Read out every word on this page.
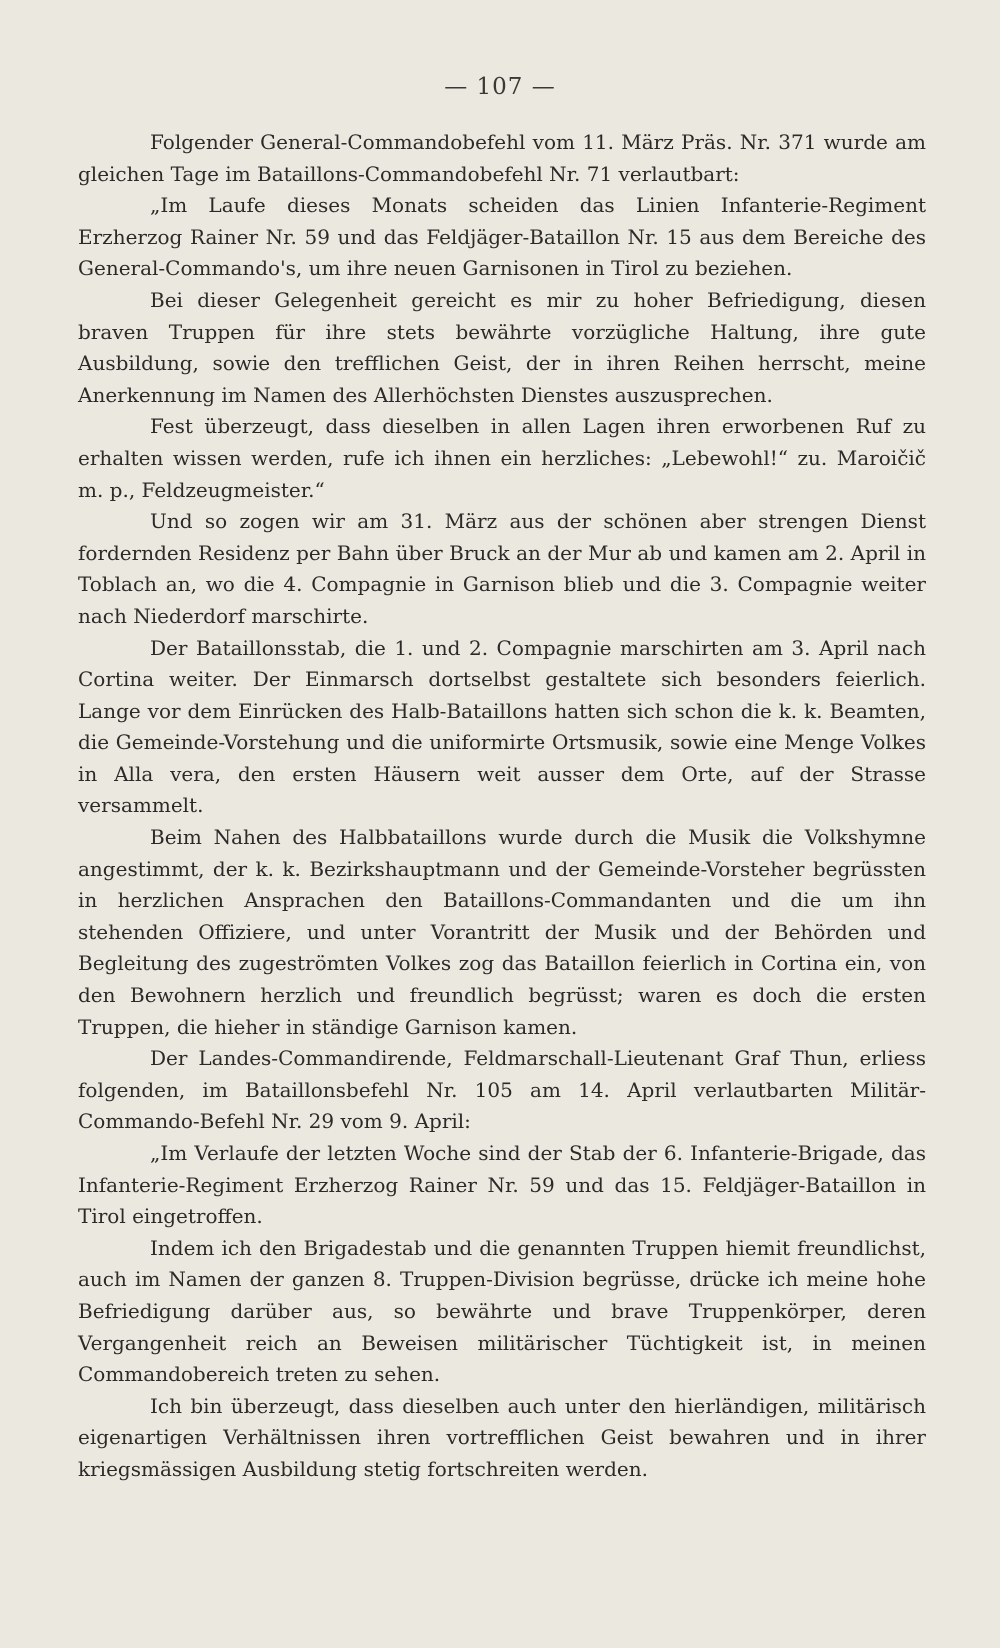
— 107 —

Folgender General-Commandobefehl vom 11. März Präs. Nr. 371 wurde am gleichen Tage im Bataillons-Commandobefehl Nr. 71 verlautbart:

„Im Laufe dieses Monats scheiden das Linien Infanterie-Regiment Erzherzog Rainer Nr. 59 und das Feldjäger-Bataillon Nr. 15 aus dem Bereiche des General-Commando's, um ihre neuen Garnisonen in Tirol zu beziehen.

Bei dieser Gelegenheit gereicht es mir zu hoher Befriedigung, diesen braven Truppen für ihre stets bewährte vorzügliche Haltung, ihre gute Ausbildung, sowie den trefflichen Geist, der in ihren Reihen herrscht, meine Anerkennung im Namen des Allerhöchsten Dienstes auszusprechen.

Fest überzeugt, dass dieselben in allen Lagen ihren erworbenen Ruf zu erhalten wissen werden, rufe ich ihnen ein herzliches: „Lebewohl!“ zu. Maroičič m. p., Feldzeugmeister.“

Und so zogen wir am 31. März aus der schönen aber strengen Dienst fordernden Residenz per Bahn über Bruck an der Mur ab und kamen am 2. April in Toblach an, wo die 4. Compagnie in Garnison blieb und die 3. Compagnie weiter nach Niederdorf marschirte.

Der Bataillonsstab, die 1. und 2. Compagnie marschirten am 3. April nach Cortina weiter. Der Einmarsch dortselbst gestaltete sich besonders feierlich. Lange vor dem Einrücken des Halb-Bataillons hatten sich schon die k. k. Beamten, die Gemeinde-Vorstehung und die uniformirte Ortsmusik, sowie eine Menge Volkes in Alla vera, den ersten Häusern weit ausser dem Orte, auf der Strasse versammelt.

Beim Nahen des Halbbataillons wurde durch die Musik die Volkshymne angestimmt, der k. k. Bezirkshauptmann und der Gemeinde-Vorsteher begrüssten in herzlichen Ansprachen den Bataillons-Commandanten und die um ihn stehenden Offiziere, und unter Vorantritt der Musik und der Behörden und Begleitung des zugeströmten Volkes zog das Bataillon feierlich in Cortina ein, von den Bewohnern herzlich und freundlich begrüsst; waren es doch die ersten Truppen, die hieher in ständige Garnison kamen.

Der Landes-Commandirende, Feldmarschall-Lieutenant Graf Thun, erliess folgenden, im Bataillonsbefehl Nr. 105 am 14. April verlautbarten Militär-Commando-Befehl Nr. 29 vom 9. April:

„Im Verlaufe der letzten Woche sind der Stab der 6. Infanterie-Brigade, das Infanterie-Regiment Erzherzog Rainer Nr. 59 und das 15. Feldjäger-Bataillon in Tirol eingetroffen.

Indem ich den Brigadestab und die genannten Truppen hiemit freundlichst, auch im Namen der ganzen 8. Truppen-Division begrüsse, drücke ich meine hohe Befriedigung darüber aus, so bewährte und brave Truppenkörper, deren Vergangenheit reich an Beweisen militärischer Tüchtigkeit ist, in meinen Commandobereich treten zu sehen.

Ich bin überzeugt, dass dieselben auch unter den hierländigen, militärisch eigenartigen Verhältnissen ihren vortrefflichen Geist bewahren und in ihrer kriegsmässigen Ausbildung stetig fortschreiten werden.
